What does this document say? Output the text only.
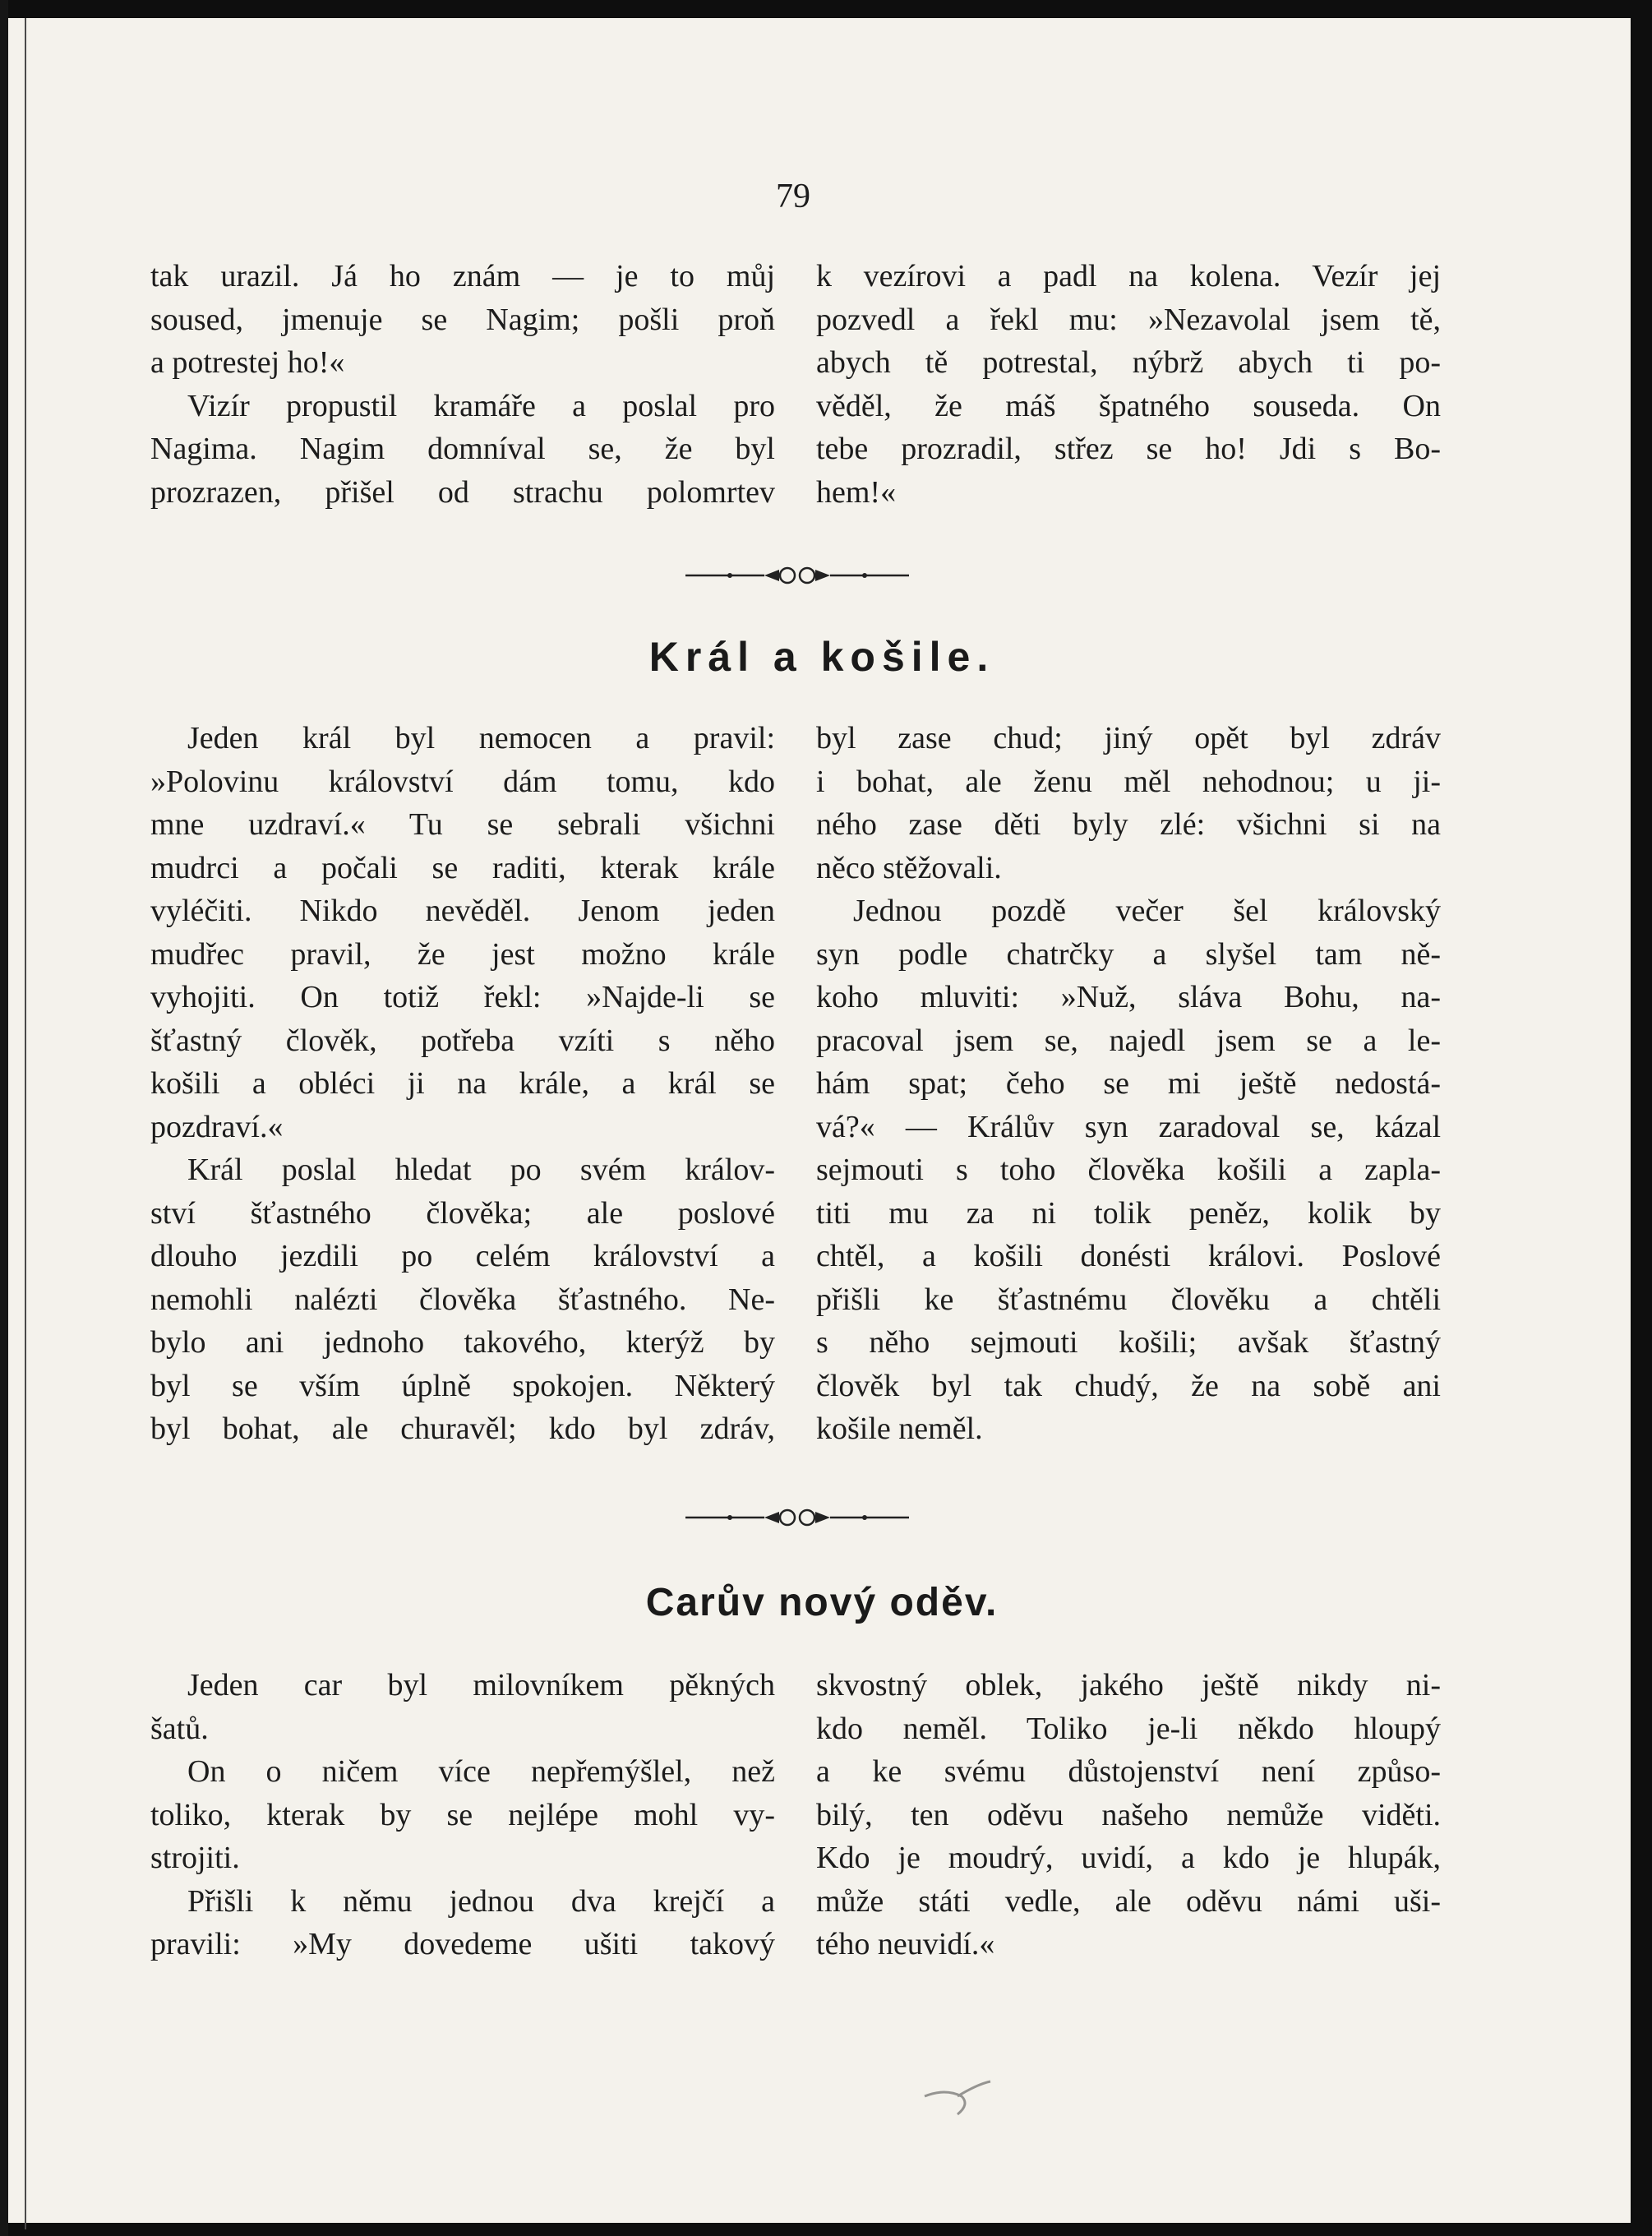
79

tak urazil. Já ho znám — je to můj

soused, jmenuje se Nagim; pošli proň

a potrestej ho!«

Vizír propustil kramáře a poslal pro

Nagima. Nagim domníval se, že byl

prozrazen, přišel od strachu polomrtev

k vezírovi a padl na kolena. Vezír jej

pozvedl a řekl mu: »Nezavolal jsem tě,

abych tě potrestal, nýbrž abych ti po-

věděl, že máš špatného souseda. On

tebe prozradil, střez se ho! Jdi s Bo-

hem!«

Král a košile.

Jeden král byl nemocen a pravil:

»Polovinu království dám tomu, kdo

mne uzdraví.« Tu se sebrali všichni

mudrci a počali se raditi, kterak krále

vyléčiti. Nikdo nevěděl. Jenom jeden

mudřec pravil, že jest možno krále

vyhojiti. On totiž řekl: »Najde-li se

šťastný člověk, potřeba vzíti s něho

košili a obléci ji na krále, a král se

pozdraví.«

Král poslal hledat po svém králov-

ství šťastného člověka; ale poslové

dlouho jezdili po celém království a

nemohli nalézti člověka šťastného. Ne-

bylo ani jednoho takového, kterýž by

byl se vším úplně spokojen. Některý

byl bohat, ale churavěl; kdo byl zdráv,

byl zase chud; jiný opět byl zdráv

i bohat, ale ženu měl nehodnou; u ji-

ného zase děti byly zlé: všichni si na

něco stěžovali.

Jednou pozdě večer šel královský

syn podle chatrčky a slyšel tam ně-

koho mluviti: »Nuž, sláva Bohu, na-

pracoval jsem se, najedl jsem se a le-

hám spat; čeho se mi ještě nedostá-

vá?« — Králův syn zaradoval se, kázal

sejmouti s toho člověka košili a zapla-

titi mu za ni tolik peněz, kolik by

chtěl, a košili donésti královi. Poslové

přišli ke šťastnému člověku a chtěli

s něho sejmouti košili; avšak šťastný

člověk byl tak chudý, že na sobě ani

košile neměl.

Carův nový oděv.

Jeden car byl milovníkem pěkných

šatů.

On o ničem více nepřemýšlel, než

toliko, kterak by se nejlépe mohl vy-

strojiti.

Přišli k němu jednou dva krejčí a

pravili: »My dovedeme ušiti takový

skvostný oblek, jakého ještě nikdy ni-

kdo neměl. Toliko je-li někdo hloupý

a ke svému důstojenství není způso-

bilý, ten oděvu našeho nemůže viděti.

Kdo je moudrý, uvidí, a kdo je hlupák,

může státi vedle, ale oděvu námi uši-

tého neuvidí.«
